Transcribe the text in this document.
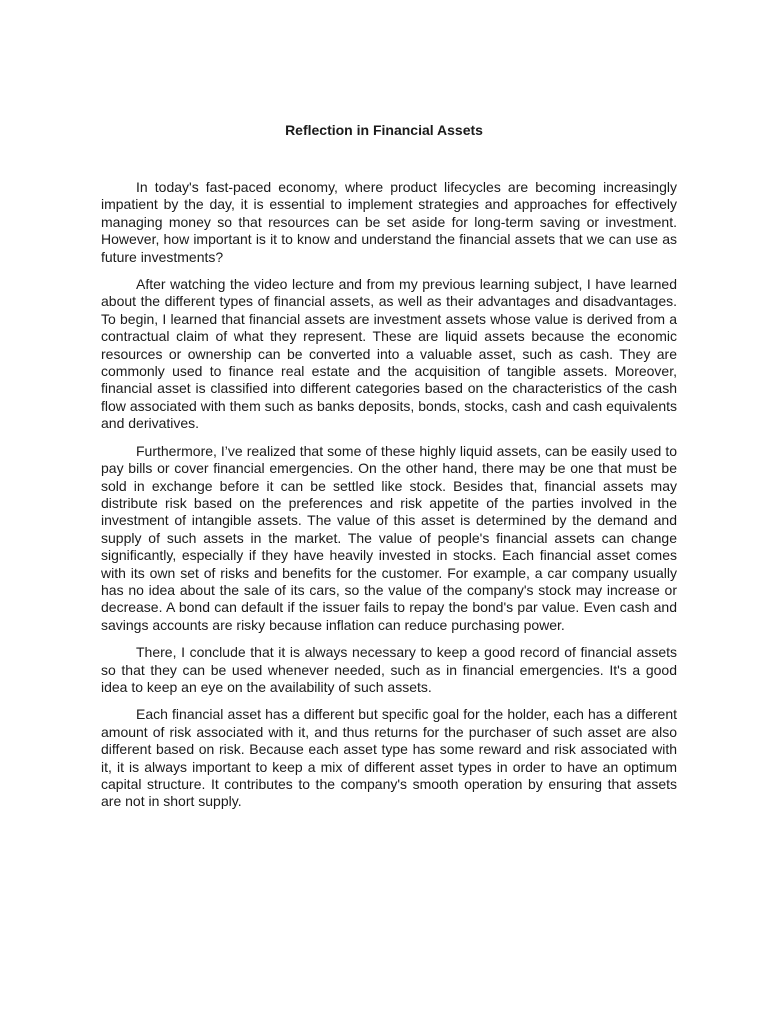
Reflection in Financial Assets

In today's fast-paced economy, where product lifecycles are becoming increasingly impatient by the day, it is essential to implement strategies and approaches for effectively managing money so that resources can be set aside for long-term saving or investment. However, how important is it to know and understand the financial assets that we can use as future investments?

After watching the video lecture and from my previous learning subject, I have learned about the different types of financial assets, as well as their advantages and disadvantages. To begin, I learned that financial assets are investment assets whose value is derived from a contractual claim of what they represent. These are liquid assets because the economic resources or ownership can be converted into a valuable asset, such as cash. They are commonly used to finance real estate and the acquisition of tangible assets. Moreover, financial asset is classified into different categories based on the characteristics of the cash flow associated with them such as banks deposits, bonds, stocks, cash and cash equivalents and derivatives.

Furthermore, I’ve realized that some of these highly liquid assets, can be easily used to pay bills or cover financial emergencies. On the other hand, there may be one that must be sold in exchange before it can be settled like stock. Besides that, financial assets may distribute risk based on the preferences and risk appetite of the parties involved in the investment of intangible assets. The value of this asset is determined by the demand and supply of such assets in the market. The value of people's financial assets can change significantly, especially if they have heavily invested in stocks. Each financial asset comes with its own set of risks and benefits for the customer. For example, a car company usually has no idea about the sale of its cars, so the value of the company's stock may increase or decrease. A bond can default if the issuer fails to repay the bond's par value. Even cash and savings accounts are risky because inflation can reduce purchasing power.

There, I conclude that it is always necessary to keep a good record of financial assets so that they can be used whenever needed, such as in financial emergencies. It's a good idea to keep an eye on the availability of such assets.

Each financial asset has a different but specific goal for the holder, each has a different amount of risk associated with it, and thus returns for the purchaser of such asset are also different based on risk. Because each asset type has some reward and risk associated with it, it is always important to keep a mix of different asset types in order to have an optimum capital structure. It contributes to the company's smooth operation by ensuring that assets are not in short supply.
